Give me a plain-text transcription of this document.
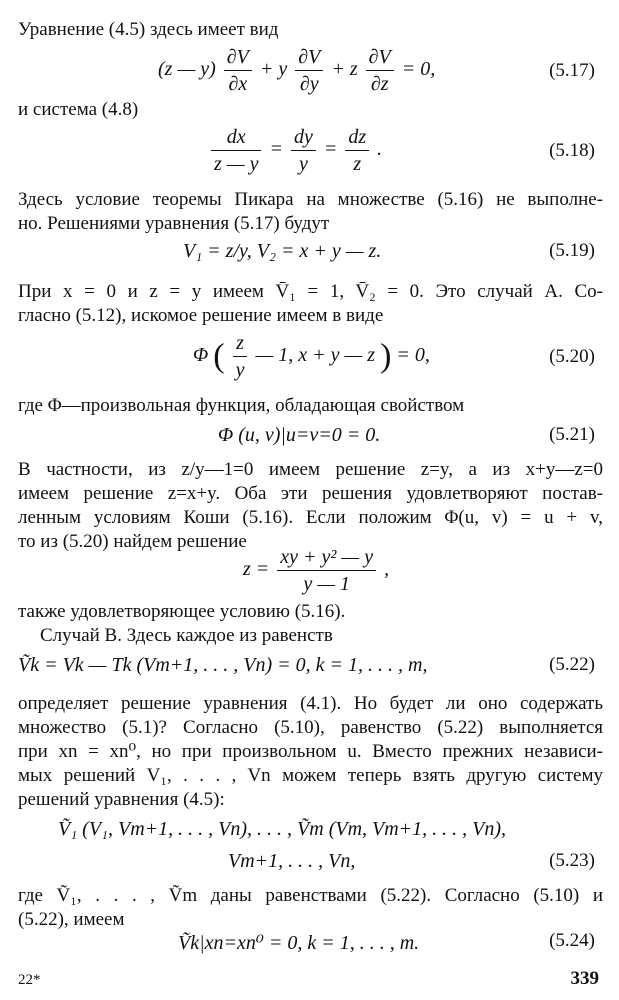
Уравнение (4.5) здесь имеет вид
(z — $y) \frac{\partial V}{\partial x} + y \frac{\partial V}{\partial y} + z \frac{\partial V}{\partial z} = 0$,	(5.17)
и система (4.8)
$\frac{dx}{z — y} = \frac{dy}{y} = \frac{dz}{z}$ .	(5.18)
Здесь условие теоремы Пикара на множестве (5.16) не выполне-
но. Решениями уравнения (5.17) будут
V₁ = z/y, V₂ = x + y — z.	(5.19)
При x = 0 и z = y имеем V̄₁ = 1, V̄₂ = 0. Это случай A. Со-
гласно (5.12), искомое решение имеем в виде
Φ ( $\frac{z}{y}$ — 1, x + y — z ) = 0,	(5.20)
где Φ—произвольная функция, обладающая свойством
Φ (u, v)|u=v=0 = 0.	(5.21)
В частности, из z/y—1=0 имеем решение z=y, а из x+y—z=0
имеем решение z=x+y. Оба эти решения удовлетворяют постав-
ленным условиям Коши (5.16). Если положим Φ(u, v) = u + v,
то из (5.20) найдем решение
$z = \frac{\text{xy + y² — y}}{y — 1}$ ,
также удовлетворяющее условию (5.16).
Случай B. Здесь каждое из равенств
Ṽk = Vk — Tk (Vm+1, . . . , Vn) = 0, k = 1, . . . , m,	(5.22)
определяет решение уравнения (4.1). Но будет ли оно содержать
множество (5.1)? Согласно (5.10), равенство (5.22) выполняется
при xn = xn⁰, но при произвольном u. Вместо прежних независи-
мых решений V₁, . . . , Vn можем теперь взять другую систему
решений уравнения (4.5):
Ṽ₁ (V₁, Vm+1, . . . , Vn), . . . , Ṽm (Vm, Vm+1, . . . , Vn),
Vm+1, . . . , Vn,	(5.23)
где Ṽ₁, . . . , Ṽm даны равенствами (5.22). Согласно (5.10) и
(5.22), имеем
Ṽk|xn=xn⁰ = 0, k = 1, . . . , m.	(5.24)
22*	339
